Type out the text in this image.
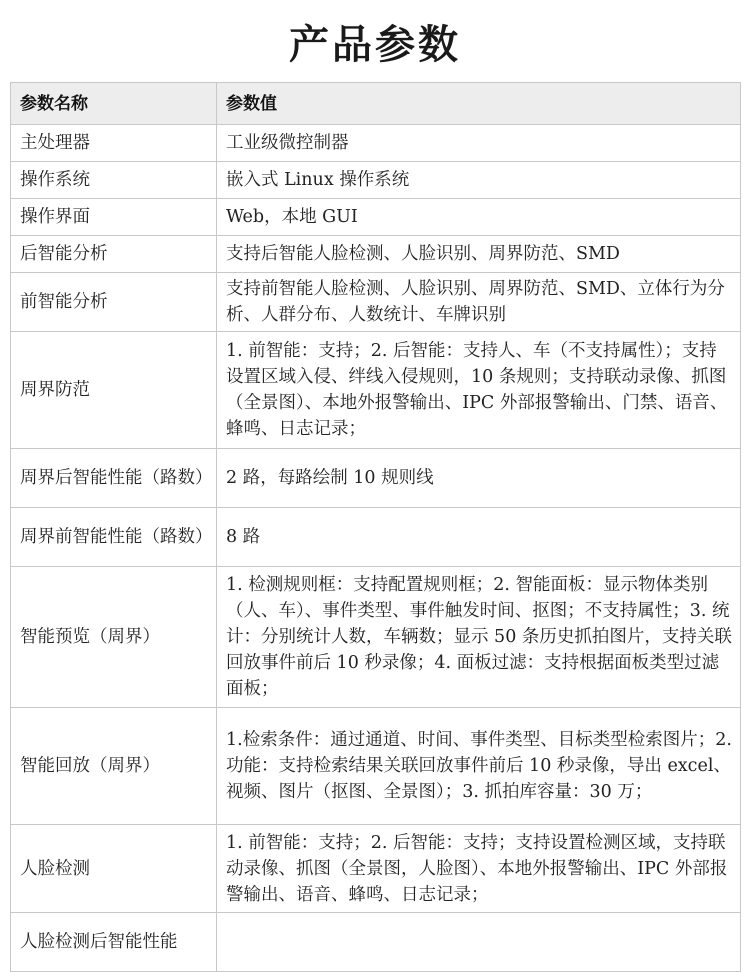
产品参数
参数名称	参数值
主处理器	工业级微控制器
操作系统	嵌入式 Linux 操作系统
操作界面	Web，本地 GUI
后智能分析	支持后智能人脸检测、人脸识别、周界防范、SMD
前智能分析	支持前智能人脸检测、人脸识别、周界防范、SMD、立体行为分析、人群分布、人数统计、车牌识别
周界防范	1. 前智能：支持；2. 后智能：支持人、车（不支持属性）；支持设置区域入侵、绊线入侵规则，10 条规则；支持联动录像、抓图（全景图）、本地外报警输出、IPC 外部报警输出、门禁、语音、蜂鸣、日志记录；
周界后智能性能（路数）	2 路，每路绘制 10 规则线
周界前智能性能（路数）	8 路
智能预览（周界）	1. 检测规则框：支持配置规则框；2. 智能面板：显示物体类别（人、车）、事件类型、事件触发时间、抠图；不支持属性；3. 统计：分别统计人数，车辆数；显示 50 条历史抓拍图片，支持关联回放事件前后 10 秒录像；4. 面板过滤：支持根据面板类型过滤面板；
智能回放（周界）	1.检索条件：通过通道、时间、事件类型、目标类型检索图片；2. 功能：支持检索结果关联回放事件前后 10 秒录像，导出 excel、视频、图片（抠图、全景图）；3. 抓拍库容量：30 万；
人脸检测	1. 前智能：支持；2. 后智能：支持；支持设置检测区域，支持联动录像、抓图（全景图，人脸图）、本地外报警输出、IPC 外部报警输出、语音、蜂鸣、日志记录；
人脸检测后智能性能	
